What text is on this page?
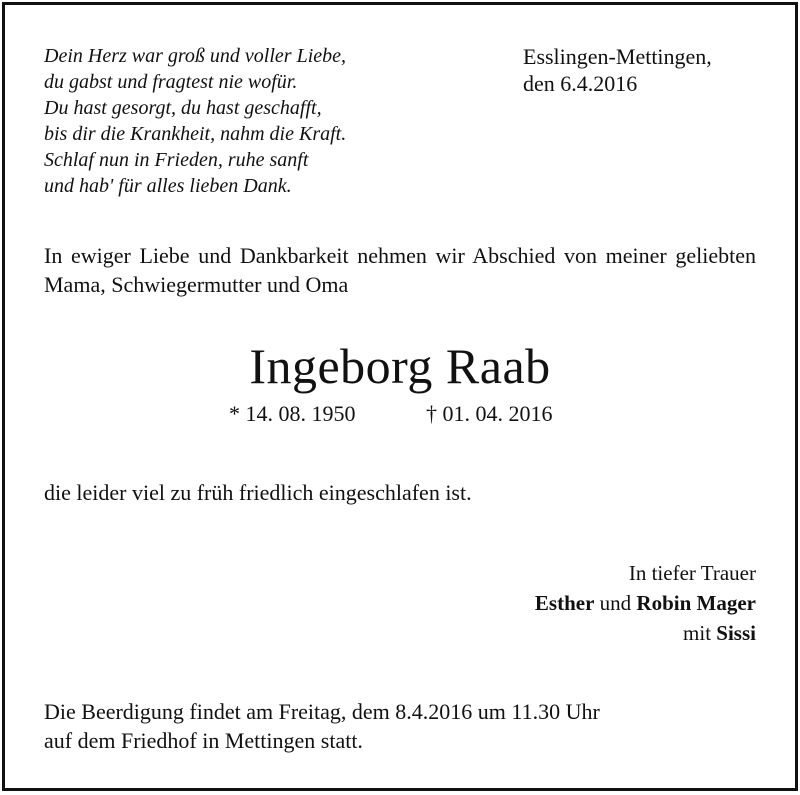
Dein Herz war groß und voller Liebe,
du gabst und fragtest nie wofür.
Du hast gesorgt, du hast geschafft,
bis dir die Krankheit, nahm die Kraft.
Schlaf nun in Frieden, ruhe sanft
und hab' für alles lieben Dank.
Esslingen-Mettingen,
den 6.4.2016
In ewiger Liebe und Dankbarkeit nehmen wir Abschied von meiner geliebten Mama, Schwiegermutter und Oma
Ingeborg Raab
* 14. 08. 1950	† 01. 04. 2016
die leider viel zu früh friedlich eingeschlafen ist.
In tiefer Trauer
Esther und Robin Mager
mit Sissi
Die Beerdigung findet am Freitag, dem 8.4.2016 um 11.30 Uhr
auf dem Friedhof in Mettingen statt.
